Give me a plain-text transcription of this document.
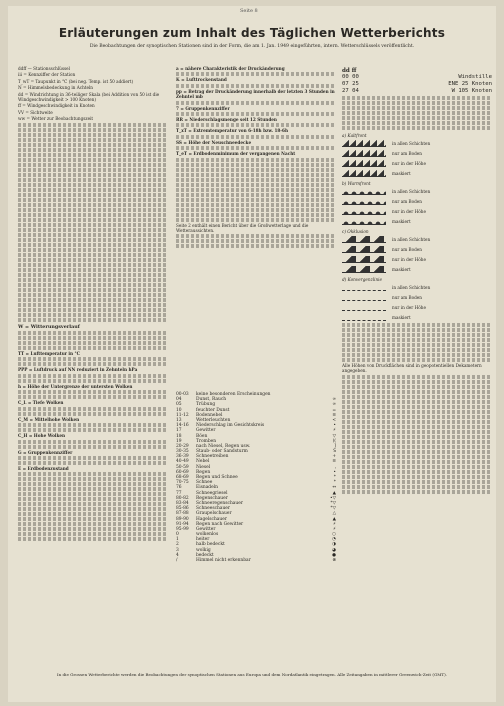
Seite 8
Erläuterungen zum Inhalt des Täglichen Wetterberichts
Die Beobachtungen der synoptischen Stationen sind in der Form, die am 1. Jan. 1949 eingeführten, intern. Wetterschlüssels veröffentlicht.
ddff — Stationsschlüssel
iii = Kennziffer der Station
T_wT = Taupunkt in °C (bei neg. Temp. ist 50 addiert)
N = Himmelsbedeckung in Achteln
dd = Windrichtung in 36-teiliger Skala (bei Addition von 50 ist die Windgeschwindigkeit > 100 Knoten)
ff = Windgeschwindigkeit in Knoten
VV = Sichtweite
ww = Wetter zur Beobachtungszeit
W = Witterungsverlauf
TT = Lufttemperatur in °C
PPP = Luftdruck auf NN reduziert in Zehnteln hPa
h = Höhe der Untergrenze der untersten Wolken
C_L = Tiefe Wolken
C_M = Mittelhohe Wolken
C_H = Hohe Wolken
G = Gruppenkennziffer
E = Erdbodenzustand
a = nähere Charakteristik der Druckänderung
K = Lufttrockenstand
pp = Betrag der Druckänderung innerhalb der letzten 3 Stunden in Zehntel mb
7 = Gruppenkennziffer
RR = Niederschlagsmenge seit 12 Stunden
T_xT = Extremtemperatur von 6-18h bzw. 18-6h
SS = Höhe der Neuschneedecke
T_eT = Erdbodenminimum der vergangenen Nacht
Seite 2 enthält einen Bericht über die Großwetterlage und die Wetteraussichten.
00-03	keine besonderen Erscheinungen
04	Dunst, Rauch	∞
05	Trübung	∞
10	feuchter Dunst	=
11-12	Bodennebel	≡
13	Wetterleuchten	<
14-16	Niederschlag im Gesichtskreis	•
17	Gewitter	⚡
18	Böen	▽
19	Tromben	)(
20-29	nach Niesel, Regen usw.	]
30-35	Staub- oder Sandsturm	S
36-39	Schneetreiben	+
40-49	Nebel	≡
50-59	Niesel	,
60-69	Regen	•
68-69	Regen und Schnee	*
70-75	Schnee	*
76	Eisnadeln	↔
77	Schneegriesel	▲
80-82	Regenschauer	•▽
83-84	Schneeregenschauer	*▽
85-86	Schneeschauer	*▽
87-88	Graupelschauer	△
89-90	Hagelschauer	▲
91-94	Regen nach Gewitter	⚡
95-99	Gewitter	⚡
0	wolkenlos	○
1	heiter	◔
2	halb bedeckt	◑
3	wolkig	◕
4	bedeckt	●
/	Himmel nicht erkennbar	⊗
dd ff
00 00	Windstille
07 25	ENE 25 Knoten
27 04	W 105 Knoten
a) Kaltfront
in allen Schichten
nur am Boden
nur in der Höhe
maskiert
b) Warmfront
in allen Schichten
nur am Boden
nur in der Höhe
maskiert
c) Okklusion
in allen Schichten
nur am Boden
nur in der Höhe
maskiert
d) Konvergenzlinie
in allen Schichten
nur am Boden
nur in der Höhe
maskiert
Alle Höhen von Druckflächen sind in geopotentiellen Dekametern angegeben.
In die Grossen Wetterberichte werden die Beobachtungen der synoptischen Stationen aus Europa und dem Nordatlantik eingetragen. Alle Zeitangaben in mittlerer Greenwich-Zeit (GMT).
